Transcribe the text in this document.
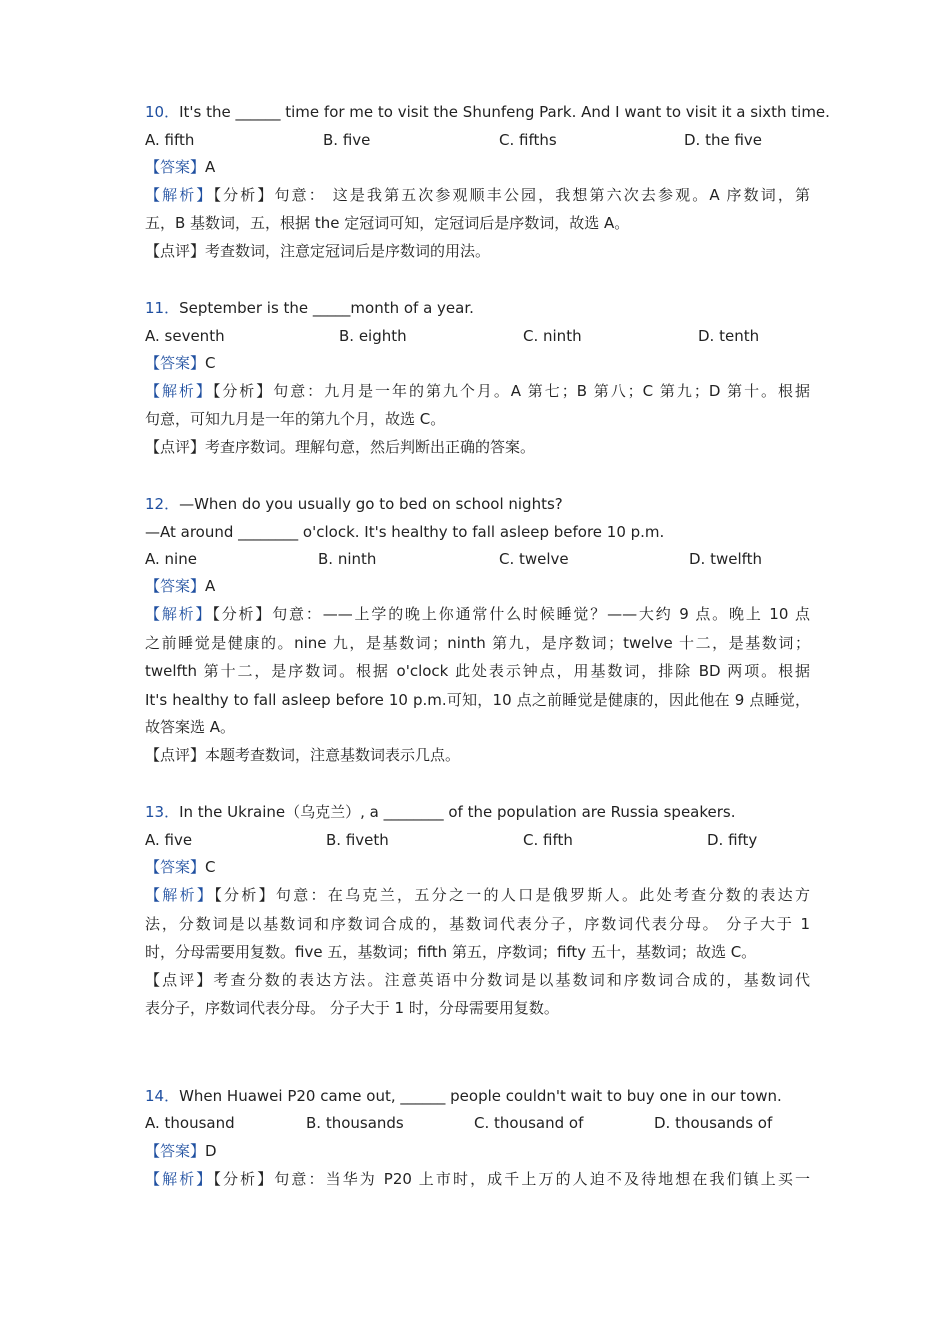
10．It's the ______ time for me to visit the Shunfeng Park. And I want to visit it a sixth time.
A. fifth	B. five	C. fifths	D. the five
【答案】A
【解析】【分析】句意： 这是我第五次参观顺丰公园，我想第六次去参观。A 序数词，第
五，B 基数词，五，根据 the 定冠词可知，定冠词后是序数词，故选 A。
【点评】考查数词，注意定冠词后是序数词的用法。
11．September is the _____month of a year.
A. seventh	B. eighth	C. ninth	D. tenth
【答案】C
【解析】【分析】句意：九月是一年的第九个月。A 第七；B 第八；C 第九；D 第十。根据
句意，可知九月是一年的第九个月，故选 C。
【点评】考查序数词。理解句意，然后判断出正确的答案。
12．—When do you usually go to bed on school nights?
—At around ________ o'clock. It's healthy to fall asleep before 10 p.m.
A. nine	B. ninth	C. twelve	D. twelfth
【答案】A
【解析】【分析】句意：——上学的晚上你通常什么时候睡觉？——大约 9 点。晚上 10 点
之前睡觉是健康的。nine 九，是基数词；ninth 第九，是序数词；twelve 十二，是基数词；
twelfth 第十二，是序数词。根据 o'clock 此处表示钟点，用基数词，排除 BD 两项。根据
It's healthy to fall asleep before 10 p.m.可知，10 点之前睡觉是健康的，因此他在 9 点睡觉，
故答案选 A。
【点评】本题考查数词，注意基数词表示几点。
13．In the Ukraine（乌克兰）, a ________ of the population are Russia speakers.
A. five	B. fiveth	C. fifth	D. fifty
【答案】C
【解析】【分析】句意：在乌克兰，五分之一的人口是俄罗斯人。此处考查分数的表达方
法，分数词是以基数词和序数词合成的，基数词代表分子，序数词代表分母。 分子大于 1
时，分母需要用复数。five 五，基数词；fifth 第五，序数词；fifty 五十，基数词；故选 C。
【点评】考查分数的表达方法。注意英语中分数词是以基数词和序数词合成的，基数词代
表分子，序数词代表分母。 分子大于 1 时，分母需要用复数。
14．When Huawei P20 came out, ______ people couldn't wait to buy one in our town.
A. thousand	B. thousands	C. thousand of	D. thousands of
【答案】D
【解析】【分析】句意：当华为 P20 上市时，成千上万的人迫不及待地想在我们镇上买一
